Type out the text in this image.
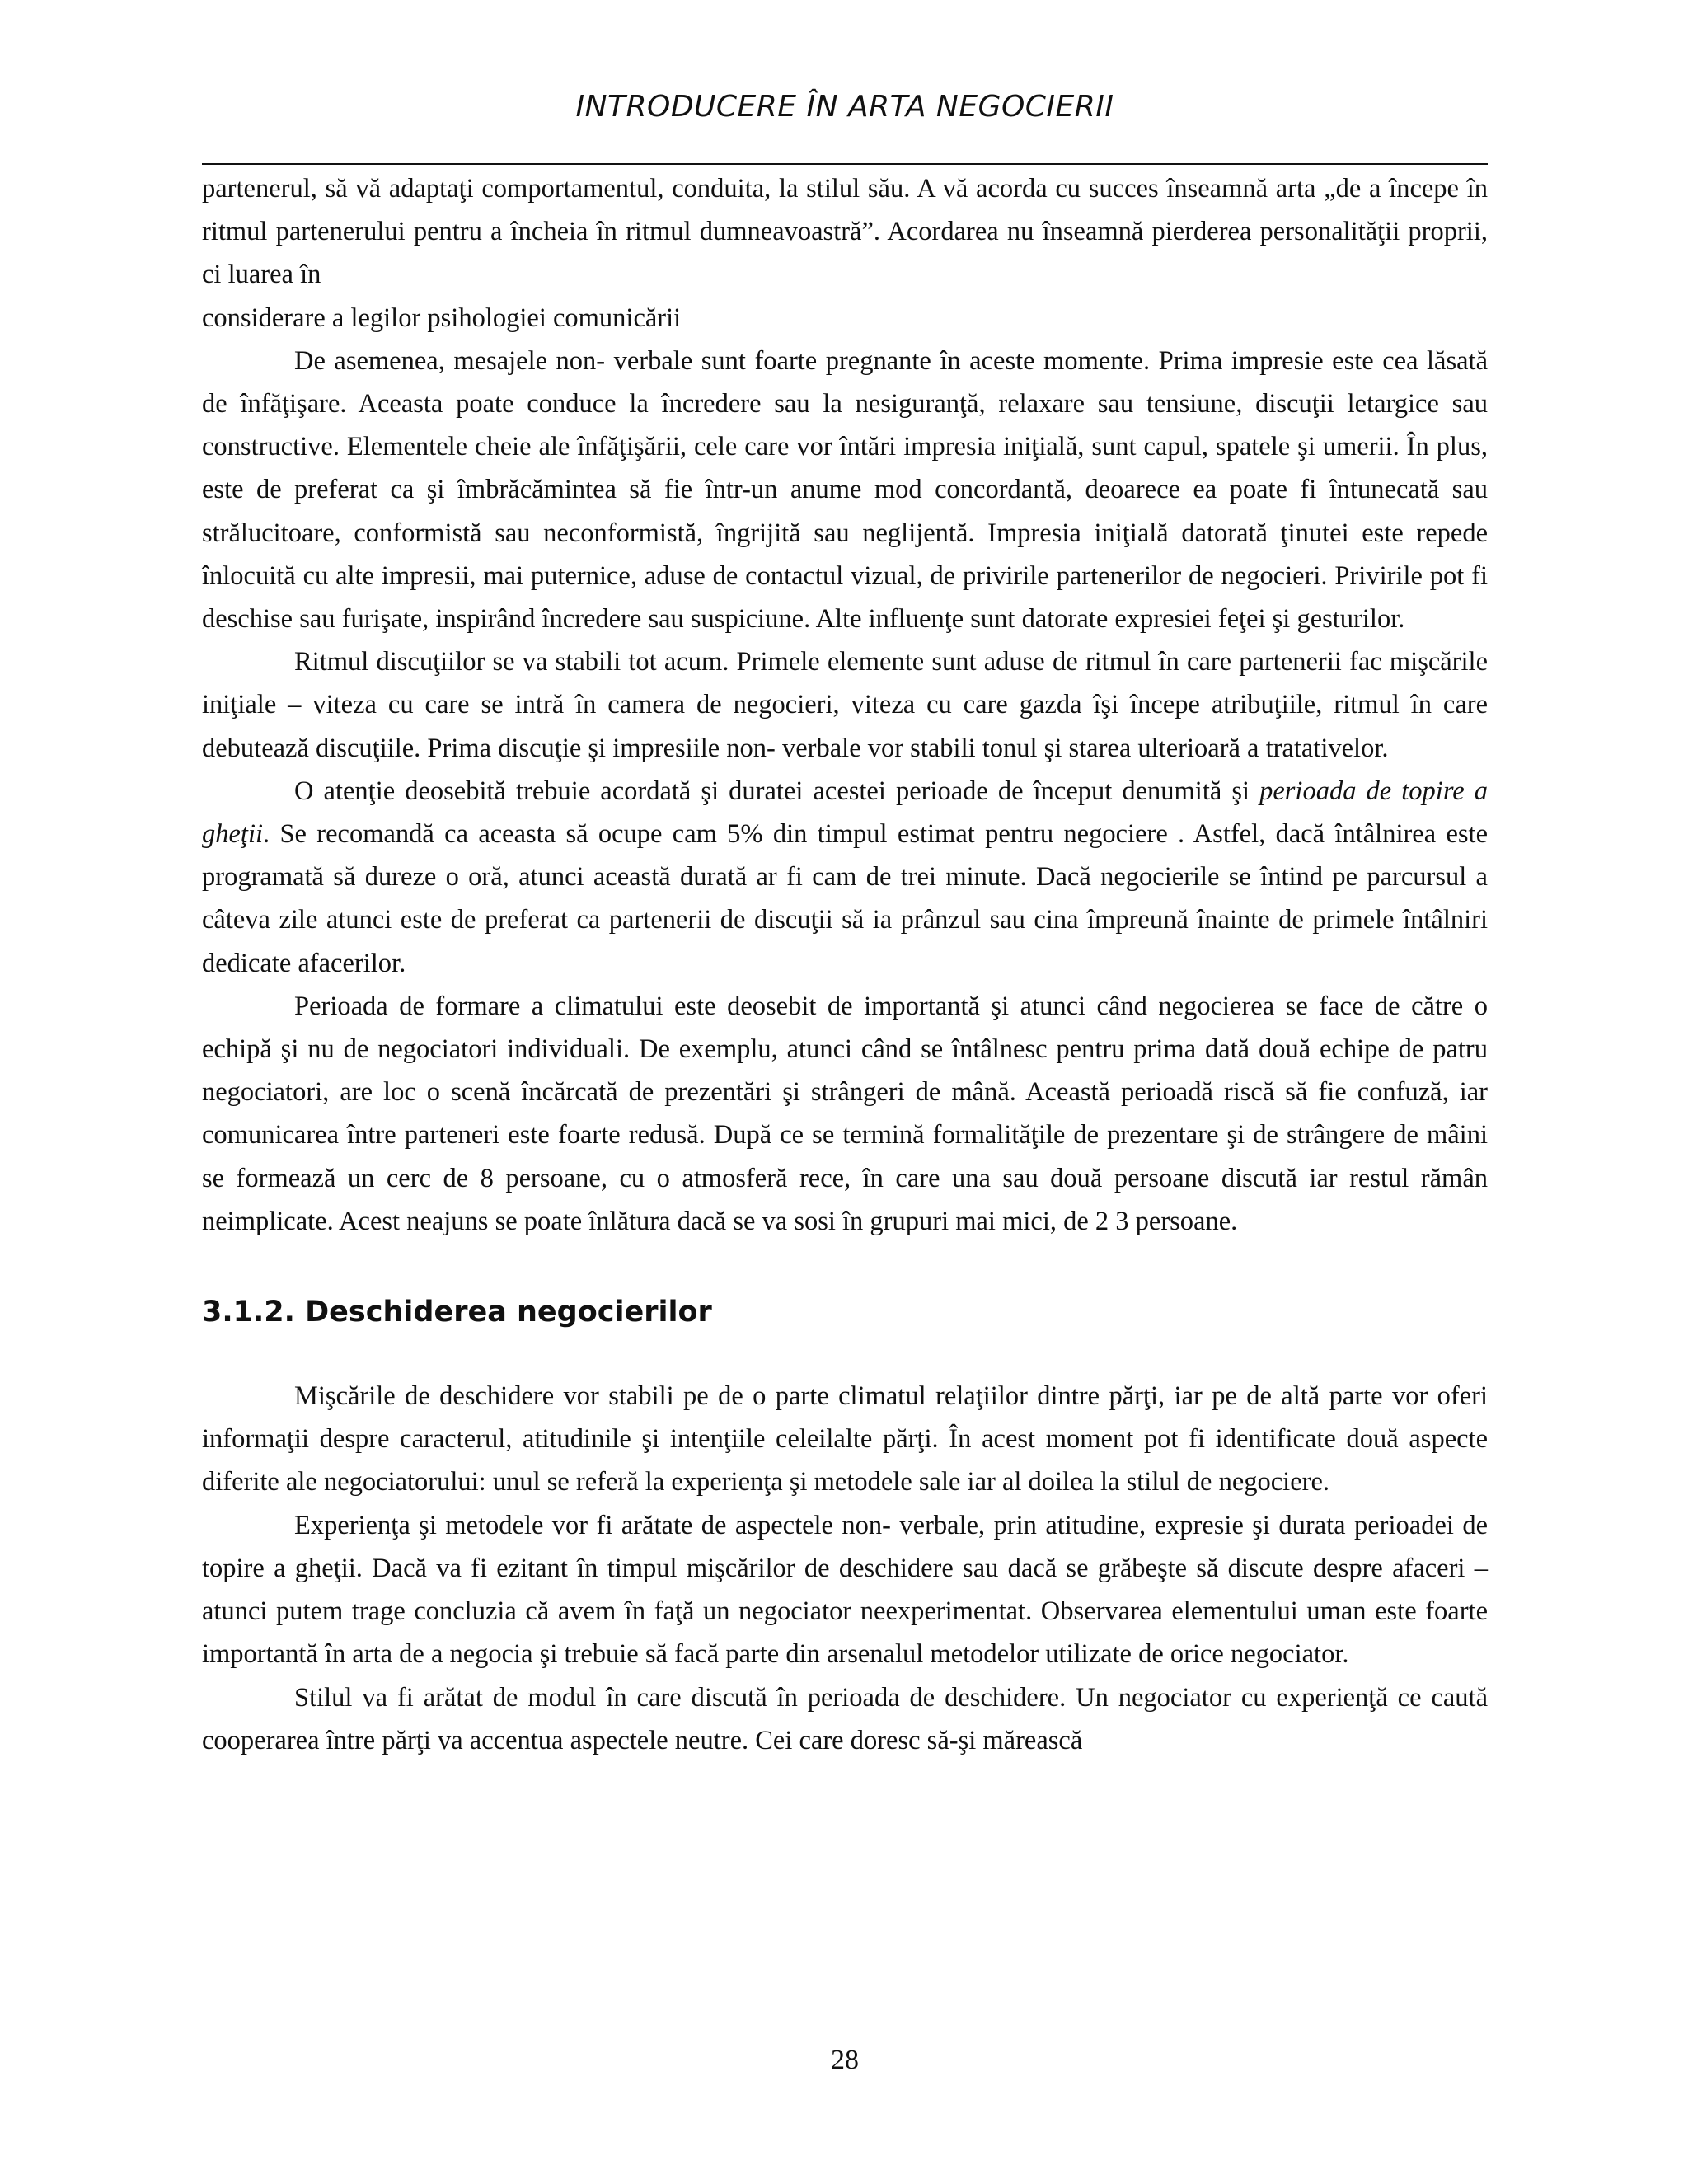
INTRODUCERE ÎN ARTA NEGOCIERII

partenerul, să vă adaptaţi comportamentul, conduita, la stilul său. A vă acorda cu succes înseamnă arta „de a începe în ritmul partenerului pentru a încheia în ritmul dumneavoastră”. Acordarea nu înseamnă pierderea personalităţii proprii, ci luarea în

considerare a legilor psihologiei comunicării

De asemenea, mesajele non- verbale sunt foarte pregnante în aceste momente. Prima impresie este cea lăsată de înfăţişare. Aceasta poate conduce la încredere sau la nesiguranţă, relaxare sau tensiune, discuţii letargice sau constructive. Elementele cheie ale înfăţişării, cele care vor întări impresia iniţială, sunt capul, spatele şi umerii. În plus, este de preferat ca şi îmbrăcămintea să fie într-un anume mod concordantă, deoarece ea poate fi întunecată sau strălucitoare, conformistă sau neconformistă, îngrijită sau neglijentă. Impresia iniţială datorată ţinutei este repede înlocuită cu alte impresii, mai puternice, aduse de contactul vizual, de privirile partenerilor de negocieri. Privirile pot fi deschise sau furişate, inspirând încredere sau suspiciune. Alte influenţe sunt datorate expresiei feţei şi gesturilor.

Ritmul discuţiilor se va stabili tot acum. Primele elemente sunt aduse de ritmul în care partenerii fac mişcările iniţiale – viteza cu care se intră în camera de negocieri, viteza cu care gazda îşi începe atribuţiile, ritmul în care debutează discuţiile. Prima discuţie şi impresiile non- verbale vor stabili tonul şi starea ulterioară a tratativelor.

O atenţie deosebită trebuie acordată şi duratei acestei perioade de început denumită şi perioada de topire a gheţii. Se recomandă ca aceasta să ocupe cam 5% din timpul estimat pentru negociere . Astfel, dacă întâlnirea este programată să dureze o oră, atunci această durată ar fi cam de trei minute. Dacă negocierile se întind pe parcursul a câteva zile atunci este de preferat ca partenerii de discuţii să ia prânzul sau cina împreună înainte de primele întâlniri dedicate afacerilor.

Perioada de formare a climatului este deosebit de importantă şi atunci când negocierea se face de către o echipă şi nu de negociatori individuali. De exemplu, atunci când se întâlnesc pentru prima dată două echipe de patru negociatori, are loc o scenă încărcată de prezentări şi strângeri de mână. Această perioadă riscă să fie confuză, iar comunicarea între parteneri este foarte redusă. După ce se termină formalităţile de prezentare şi de strângere de mâini se formează un cerc de 8 persoane, cu o atmosferă rece, în care una sau două persoane discută iar restul rămân neimplicate. Acest neajuns se poate înlătura dacă se va sosi în grupuri mai mici, de 2 3 persoane.

3.1.2. Deschiderea negocierilor

Mişcările de deschidere vor stabili pe de o parte climatul relaţiilor dintre părţi, iar pe de altă parte vor oferi informaţii despre caracterul, atitudinile şi intenţiile celeilalte părţi. În acest moment pot fi identificate două aspecte diferite ale negociatorului: unul se referă la experienţa şi metodele sale iar al doilea la stilul de negociere.

Experienţa şi metodele vor fi arătate de aspectele non- verbale, prin atitudine, expresie şi durata perioadei de topire a gheţii. Dacă va fi ezitant în timpul mişcărilor de deschidere sau dacă se grăbeşte să discute despre afaceri – atunci putem trage concluzia că avem în faţă un negociator neexperimentat. Observarea elementului uman este foarte importantă în arta de a negocia şi trebuie să facă parte din arsenalul metodelor utilizate de orice negociator.

Stilul va fi arătat de modul în care discută în perioada de deschidere. Un negociator cu experienţă ce caută cooperarea între părţi va accentua aspectele neutre. Cei care doresc să-şi mărească

28
